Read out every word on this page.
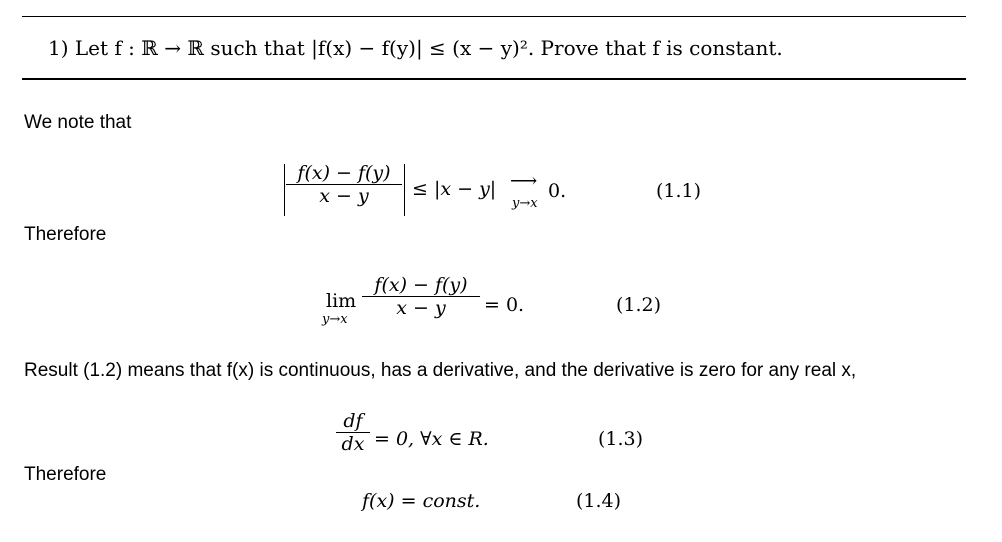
1) Let f : ℝ → ℝ such that |f(x) − f(y)| ≤ (x − y)². Prove that f is constant.
We note that
f(x) − f(y)
x − y	≤ |x − y| ⟶
y→x
0.	(1.1)
Therefore
lim
y→x
f(x) − f(y)
x − y	= 0.	(1.2)
Result (1.2) means that f(x) is continuous, has a derivative, and the derivative is zero for any real x,
df
dx = 0, ∀x ∈ R.	(1.3)
Therefore
f(x) = const.	(1.4)
